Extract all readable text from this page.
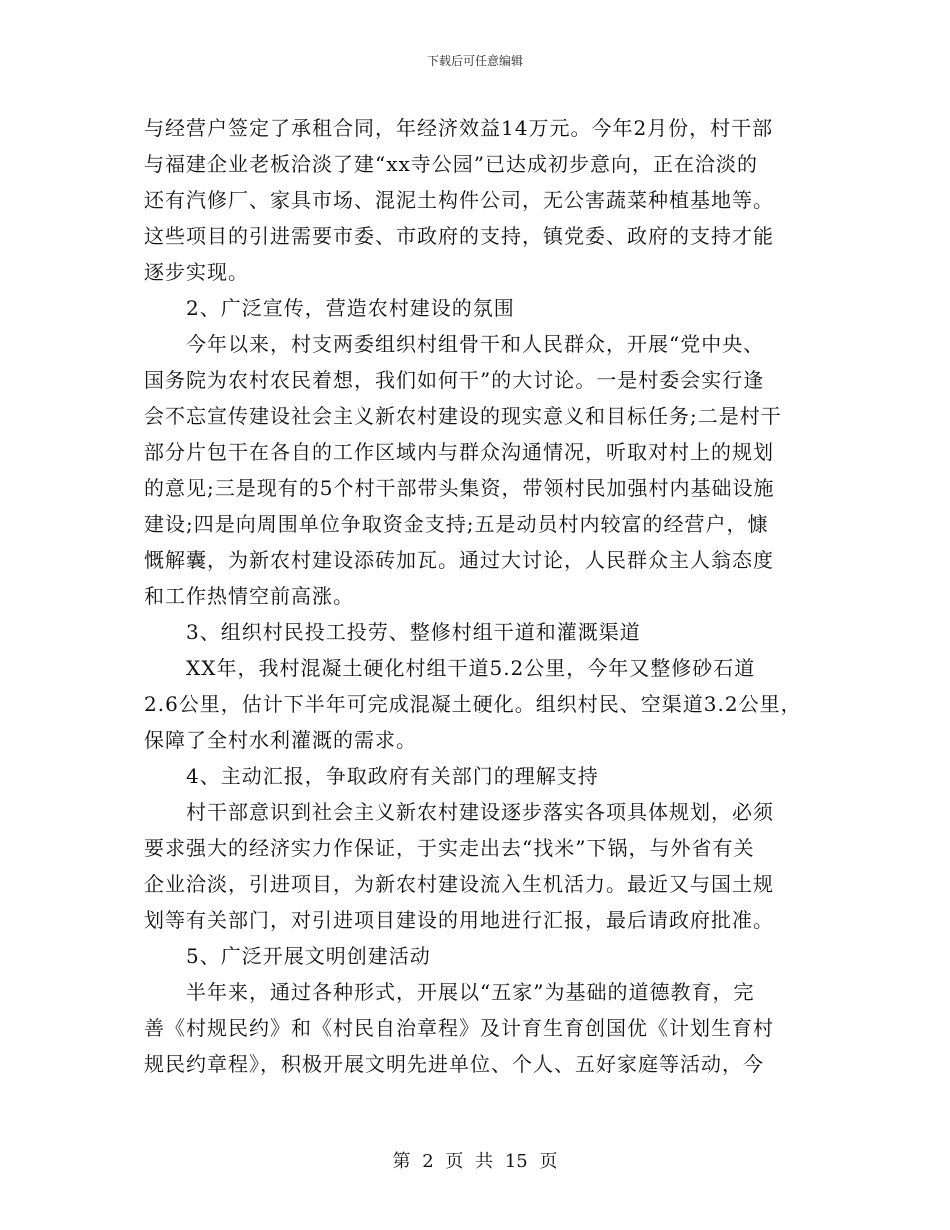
下载后可任意编辑

与经营户签定了承租合同，年经济效益14万元。今年2月份，村干部

与福建企业老板洽淡了建“xx寺公园”已达成初步意向，正在洽淡的

还有汽修厂、家具市场、混泥土构件公司，无公害蔬菜种植基地等。

这些项目的引进需要市委、市政府的支持，镇党委、政府的支持才能

逐步实现。

　　2、广泛宣传，营造农村建设的氛围

　　今年以来，村支两委组织村组骨干和人民群众，开展“党中央、

国务院为农村农民着想，我们如何干”的大讨论。一是村委会实行逢

会不忘宣传建设社会主义新农村建设的现实意义和目标任务;二是村干

部分片包干在各自的工作区域内与群众沟通情况，听取对村上的规划

的意见;三是现有的5个村干部带头集资，带领村民加强村内基础设施

建设;四是向周围单位争取资金支持;五是动员村内较富的经营户，慷

慨解囊，为新农村建设添砖加瓦。通过大讨论，人民群众主人翁态度

和工作热情空前高涨。

　　3、组织村民投工投劳、整修村组干道和灌溉渠道

　　XX年，我村混凝土硬化村组干道5.2公里，今年又整修砂石道

2.6公里，估计下半年可完成混凝土硬化。组织村民、空渠道3.2公里，

保障了全村水利灌溉的需求。

　　4、主动汇报，争取政府有关部门的理解支持

　　村干部意识到社会主义新农村建设逐步落实各项具体规划，必须

要求强大的经济实力作保证，于实走出去“找米”下锅，与外省有关

企业洽淡，引进项目，为新农村建设流入生机活力。最近又与国土规

划等有关部门，对引进项目建设的用地进行汇报，最后请政府批准。

　　5、广泛开展文明创建活动

　　半年来，通过各种形式，开展以“五家”为基础的道德教育，完

善《村规民约》和《村民自治章程》及计育生育创国优《计划生育村

规民约章程》，积极开展文明先进单位、个人、五好家庭等活动，今

第 2 页 共 15 页
